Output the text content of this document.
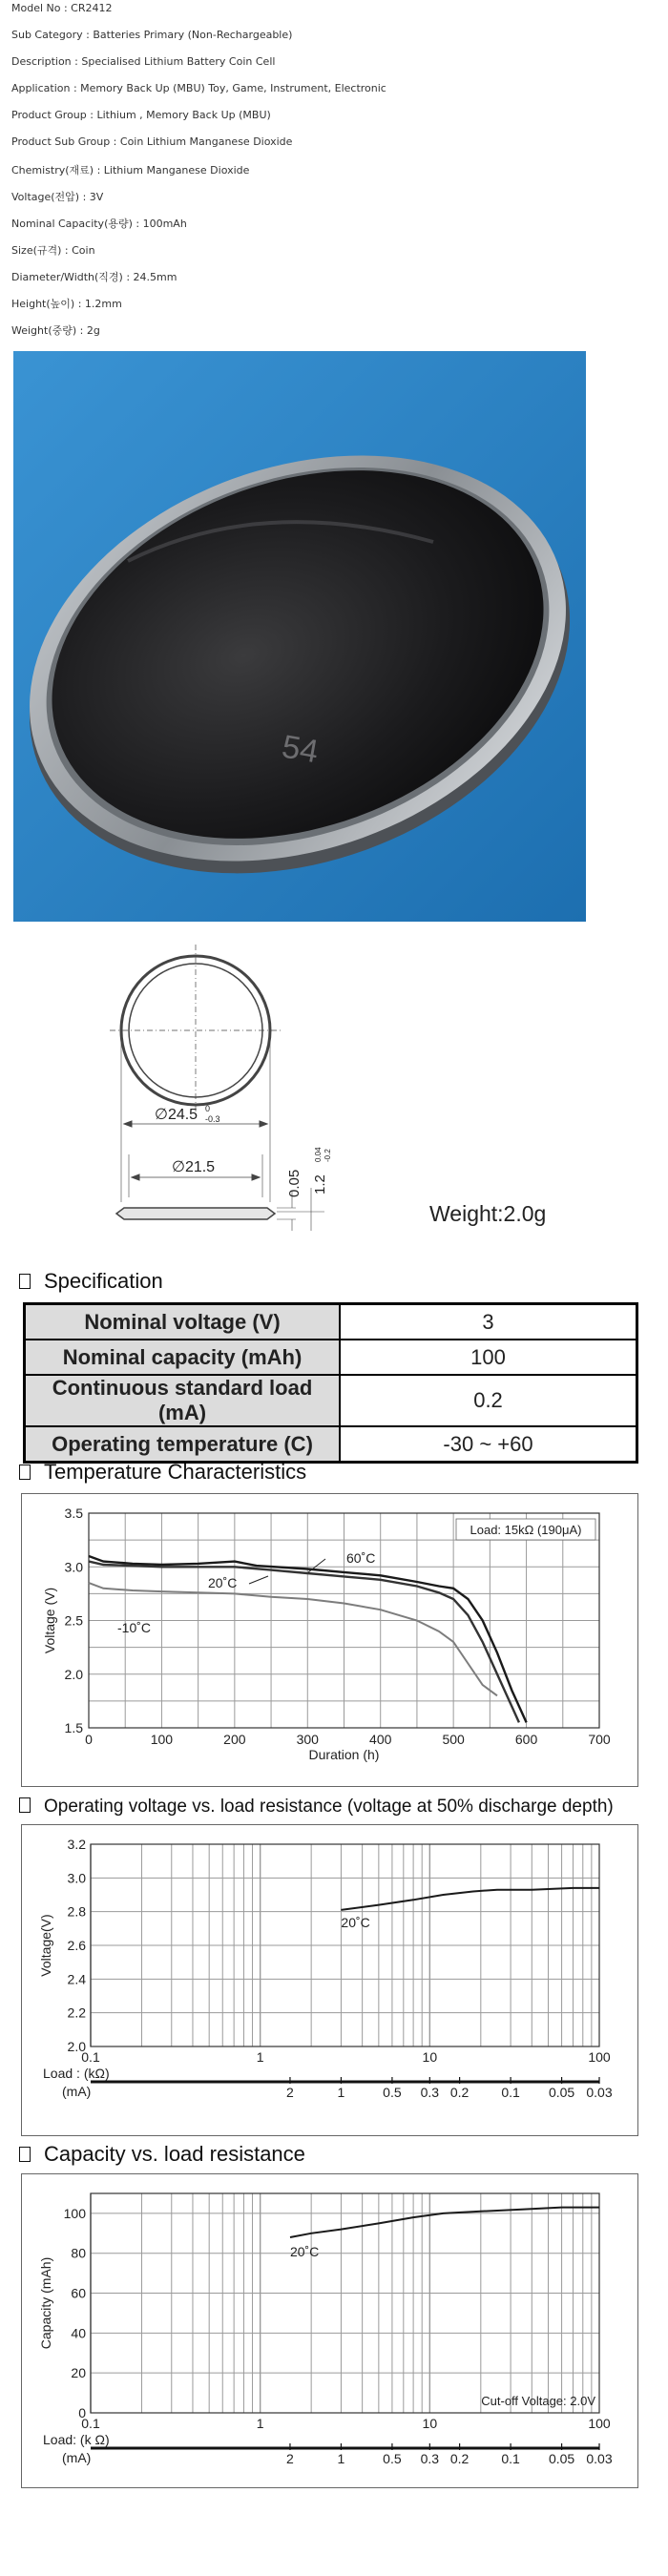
Model No : CR2412
Sub Category : Batteries Primary (Non-Rechargeable)
Description : Specialised Lithium Battery Coin Cell
Application : Memory Back Up (MBU) Toy, Game, Instrument, Electronic
Product Group : Lithium , Memory Back Up (MBU)
Product Sub Group : Coin Lithium Manganese Dioxide
Chemistry(재료) : Lithium Manganese Dioxide
Voltage(전압) : 3V
Nominal Capacity(용량) : 100mAh
Size(규격) : Coin
Diameter/Width(직경) : 24.5mm
Height(높이) : 1.2mm
Weight(중량) : 2g
54
∅24.5 0
-0.3
∅21.5
0.05 1.2
0.04 -0.2
Weight:2.0g
Specification
Nominal voltage (V)	3
Nominal capacity (mAh)	100
Continuous standard load (mA)	0.2
Operating temperature (C)	-30 ~ +60
Temperature Characteristics
0	100	200	300	400	500	600	700
1.5
2.0
2.5
3.0
3.5
Duration (h)
Voltage (V)
Load: 15kΩ (190μA)
60˚C
20˚C
-10˚C
Operating voltage vs. load resistance (voltage at 50% discharge depth)
0.1	1	10	100
2.0
2.2
2.4
2.6
2.8
3.0
3.2
Voltage(V)
Load : (kΩ)
(mA)	2	1	0.5 0.3 0.2 0.1 0.05 0.03
20˚C
Capacity vs. load resistance
0.1	1	10	100
0
20
40
60
80
100
Capacity (mAh)
Load: (k Ω)
(mA)	2	1	0.5 0.3 0.2 0.1 0.05 0.03
20˚C
Cut-off Voltage: 2.0V
